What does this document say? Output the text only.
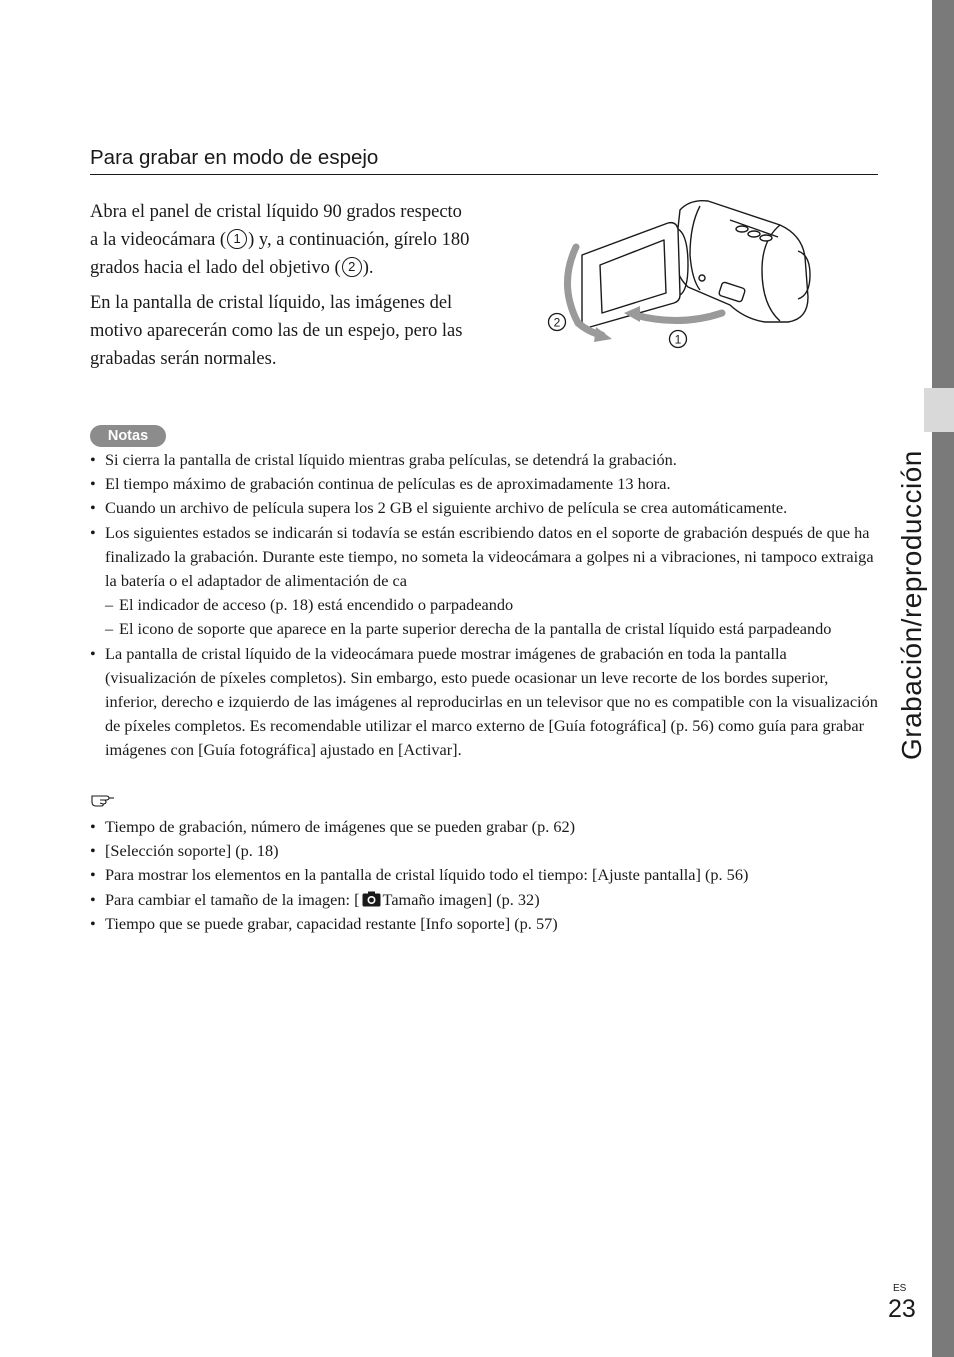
Grabación/reproducción
Para grabar en modo de espejo

Abra el panel de cristal líquido 90 grados respecto a la videocámara ( 1 ) y, a continuación, gírelo 180 grados hacia el lado del objetivo ( 2 ).

En la pantalla de cristal líquido, las imágenes del motivo aparecerán como las de un espejo, pero las grabadas serán normales.

2
1
Notas
• Si cierra la pantalla de cristal líquido mientras graba películas, se detendrá la grabación.
• El tiempo máximo de grabación continua de películas es de aproximadamente 13 hora.
• Cuando un archivo de película supera los 2 GB el siguiente archivo de película se crea automáticamente.
• Los siguientes estados se indicarán si todavía se están escribiendo datos en el soporte de grabación después de que ha finalizado la grabación. Durante este tiempo, no someta la videocámara a golpes ni a vibraciones, ni tampoco extraiga la batería o el adaptador de alimentación de ca
– El indicador de acceso (p. 18) está encendido o parpadeando
– El icono de soporte que aparece en la parte superior derecha de la pantalla de cristal líquido está parpadeando
• La pantalla de cristal líquido de la videocámara puede mostrar imágenes de grabación en toda la pantalla (visualización de píxeles completos). Sin embargo, esto puede ocasionar un leve recorte de los bordes superior, inferior, derecho e izquierdo de las imágenes al reproducirlas en un televisor que no es compatible con la visualización de píxeles completos. Es recomendable utilizar el marco externo de [Guía fotográfica] (p. 56) como guía para grabar imágenes con [Guía fotográfica] ajustado en [Activar].
• Tiempo de grabación, número de imágenes que se pueden grabar (p. 62)
• [Selección soporte] (p. 18)
• Para mostrar los elementos en la pantalla de cristal líquido todo el tiempo: [Ajuste pantalla] (p. 56)
• Para cambiar el tamaño de la imagen: [ Tamaño imagen] (p. 32)
• Tiempo que se puede grabar, capacidad restante [Info soporte] (p. 57)
ES
23
